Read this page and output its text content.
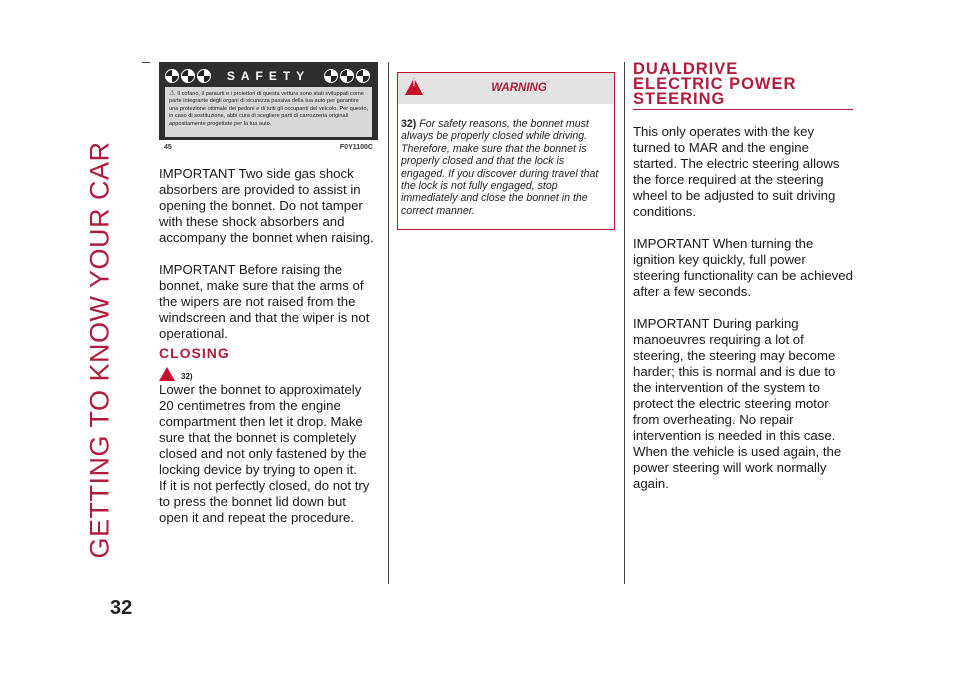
GETTING TO KNOW YOUR CAR
32
SAFETY
⚠ Il cofano, il paraurti e i proiettori di questa vettura sono stati sviluppati come parte integrante degli organi di sicurezza passiva della tua auto per garantire una protezione ottimale dei pedoni e di tutti gli occupanti del veicolo. Per questo, in caso di sostituzione, abbi cura di scegliere parti di carrozzeria originali appositamente progettate per la tua auto.
45	F0Y1100C

IMPORTANT Two side gas shock absorbers are provided to assist in opening the bonnet. Do not tamper with these shock absorbers and accompany the bonnet when raising.

IMPORTANT Before raising the bonnet, make sure that the arms of the wipers are not raised from the windscreen and that the wiper is not operational.

CLOSING
32)

Lower the bonnet to approximately 20 centimetres from the engine compartment then let it drop. Make sure that the bonnet is completely closed and not only fastened by the locking device by trying to open it.

If it is not perfectly closed, do not try to press the bonnet lid down but open it and repeat the procedure.

!	WARNING
32) For safety reasons, the bonnet must always be properly closed while driving. Therefore, make sure that the bonnet is properly closed and that the lock is engaged. If you discover during travel that the lock is not fully engaged, stop immediately and close the bonnet in the correct manner.
DUALDRIVE
ELECTRIC POWER
STEERING

This only operates with the key turned to MAR and the engine started. The electric steering allows the force required at the steering wheel to be adjusted to suit driving conditions.

IMPORTANT When turning the ignition key quickly, full power steering functionality can be achieved after a few seconds.

IMPORTANT During parking manoeuvres requiring a lot of steering, the steering may become harder; this is normal and is due to the intervention of the system to protect the electric steering motor from overheating. No repair intervention is needed in this case. When the vehicle is used again, the power steering will work normally again.
